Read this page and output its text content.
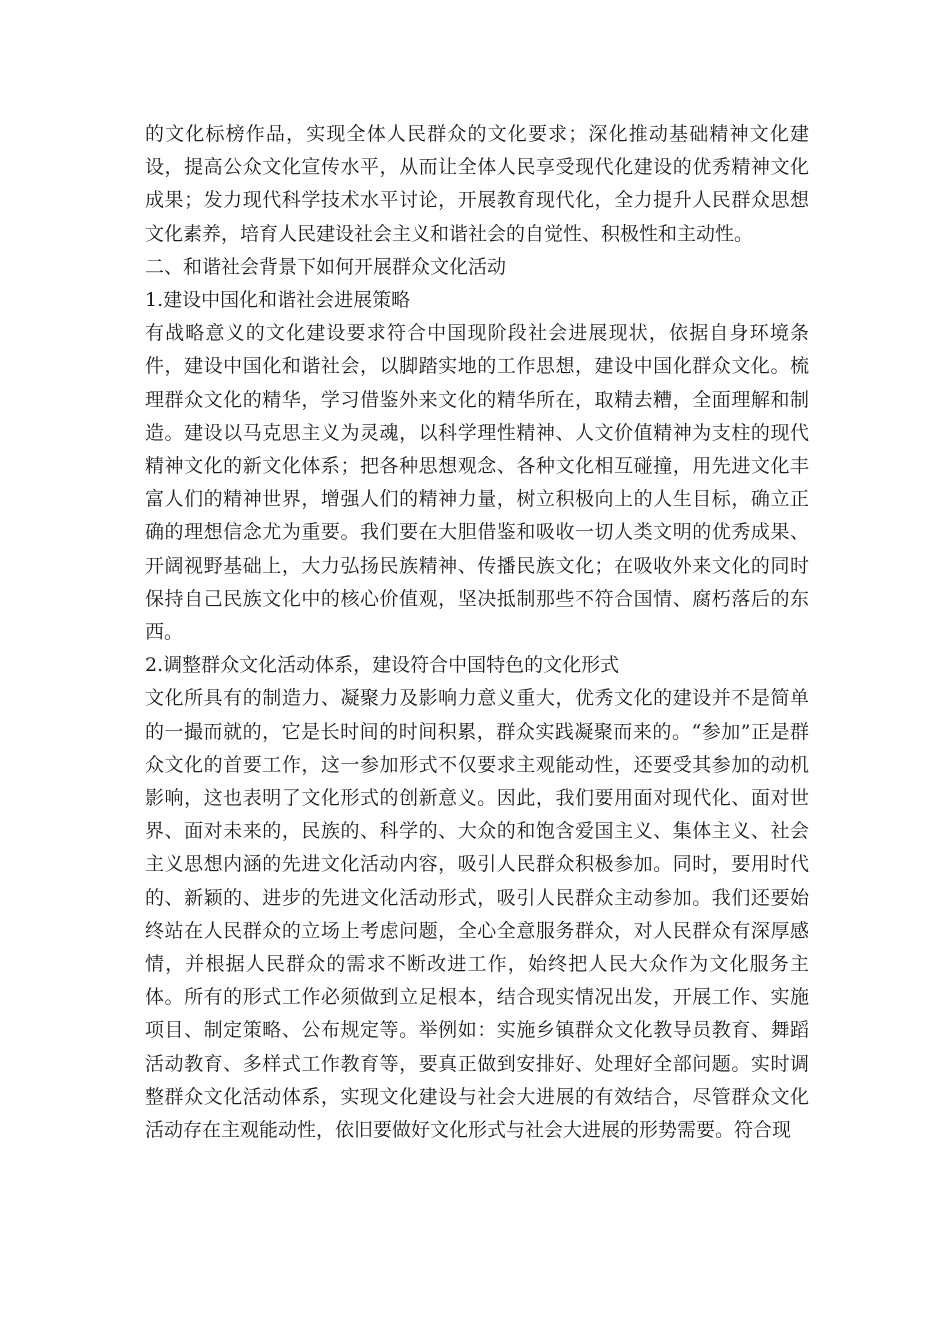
的文化标榜作品，实现全体人民群众的文化要求；深化推动基础精神文化建设，提高公众文化宣传水平，从而让全体人民享受现代化建设的优秀精神文化成果；发力现代科学技术水平讨论，开展教育现代化，全力提升人民群众思想文化素养，培育人民建设社会主义和谐社会的自觉性、积极性和主动性。

二、和谐社会背景下如何开展群众文化活动

1.建设中国化和谐社会进展策略

有战略意义的文化建设要求符合中国现阶段社会进展现状，依据自身环境条件，建设中国化和谐社会，以脚踏实地的工作思想，建设中国化群众文化。梳理群众文化的精华，学习借鉴外来文化的精华所在，取精去糟，全面理解和制造。建设以马克思主义为灵魂，以科学理性精神、人文价值精神为支柱的现代精神文化的新文化体系；把各种思想观念、各种文化相互碰撞，用先进文化丰富人们的精神世界，增强人们的精神力量，树立积极向上的人生目标，确立正确的理想信念尤为重要。我们要在大胆借鉴和吸收一切人类文明的优秀成果、开阔视野基础上，大力弘扬民族精神、传播民族文化；在吸收外来文化的同时保持自己民族文化中的核心价值观，坚决抵制那些不符合国情、腐朽落后的东西。

2.调整群众文化活动体系，建设符合中国特色的文化形式

文化所具有的制造力、凝聚力及影响力意义重大，优秀文化的建设并不是简单的一撮而就的，它是长时间的时间积累，群众实践凝聚而来的。“参加”正是群众文化的首要工作，这一参加形式不仅要求主观能动性，还要受其参加的动机影响，这也表明了文化形式的创新意义。因此，我们要用面对现代化、面对世界、面对未来的，民族的、科学的、大众的和饱含爱国主义、集体主义、社会主义思想内涵的先进文化活动内容，吸引人民群众积极参加。同时，要用时代的、新颖的、进步的先进文化活动形式，吸引人民群众主动参加。我们还要始终站在人民群众的立场上考虑问题，全心全意服务群众，对人民群众有深厚感情，并根据人民群众的需求不断改进工作，始终把人民大众作为文化服务主体。所有的形式工作必须做到立足根本，结合现实情况出发，开展工作、实施项目、制定策略、公布规定等。举例如：实施乡镇群众文化教导员教育、舞蹈活动教育、多样式工作教育等，要真正做到安排好、处理好全部问题。实时调整群众文化活动体系，实现文化建设与社会大进展的有效结合，尽管群众文化活动存在主观能动性，依旧要做好文化形式与社会大进展的形势需要。符合现
